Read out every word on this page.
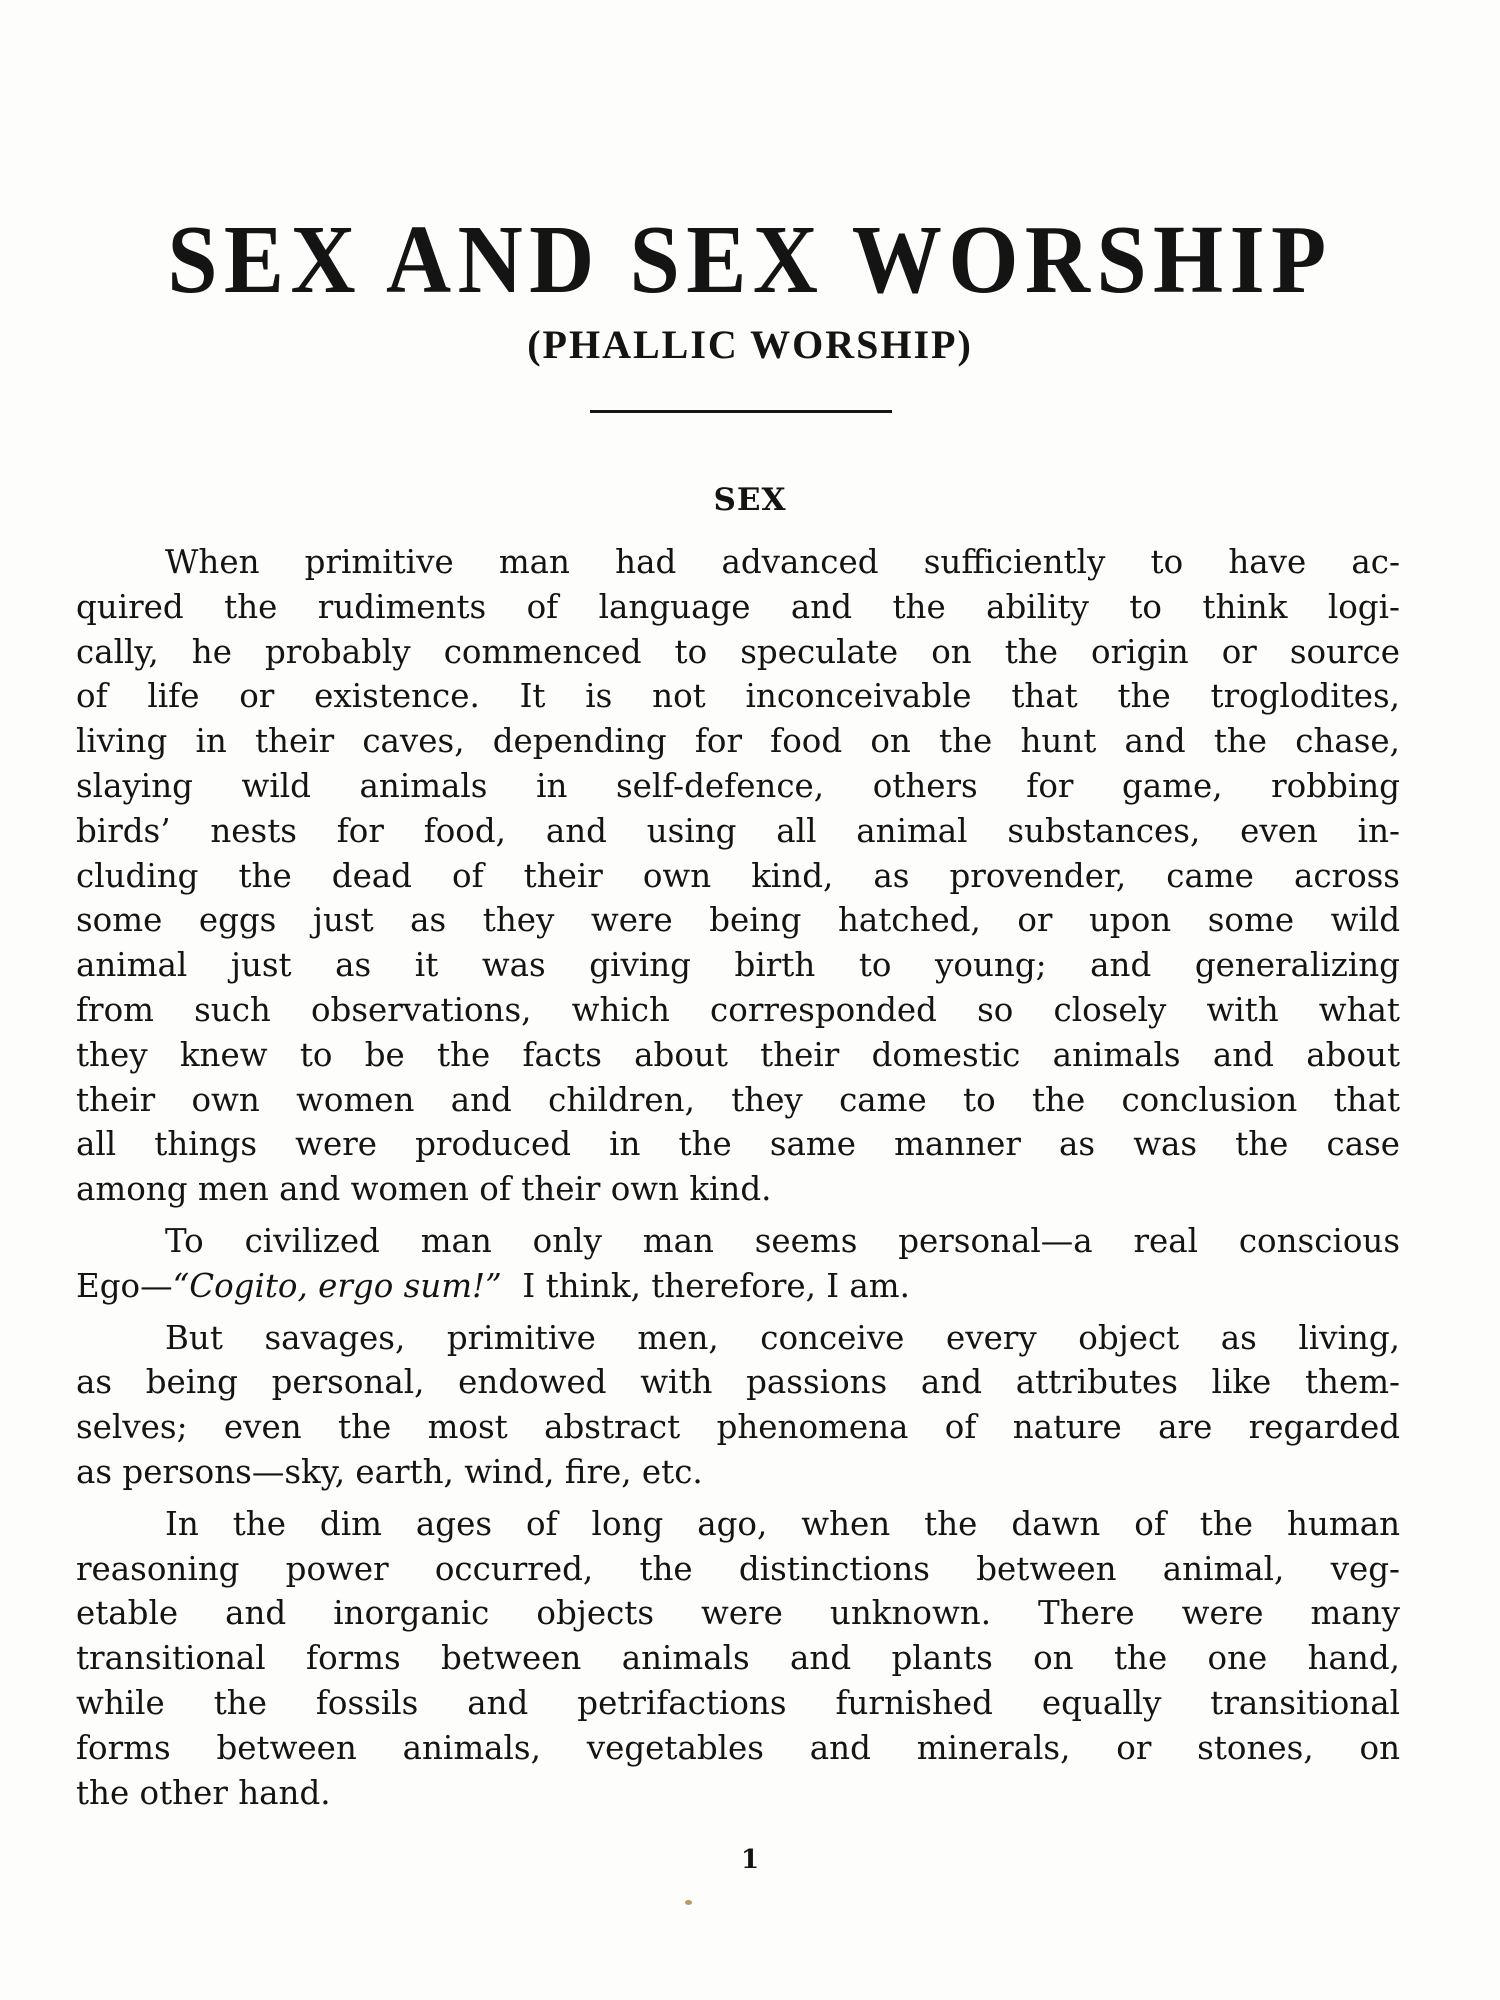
SEX AND SEX WORSHIP
(PHALLIC WORSHIP)
SEX
When primitive man had advanced sufficiently to have ac-
quired the rudiments of language and the ability to think logi-
cally, he probably commenced to speculate on the origin or source
of life or existence. It is not inconceivable that the troglodites,
living in their caves, depending for food on the hunt and the chase,
slaying wild animals in self-defence, others for game, robbing
birds’ nests for food, and using all animal substances, even in-
cluding the dead of their own kind, as provender, came across
some eggs just as they were being hatched, or upon some wild
animal just as it was giving birth to young; and generalizing
from such observations, which corresponded so closely with what
they knew to be the facts about their domestic animals and about
their own women and children, they came to the conclusion that
all things were produced in the same manner as was the case
among men and women of their own kind.
To civilized man only man seems personal—a real conscious
Ego—“Cogito, ergo sum!”  I think, therefore, I am.
But savages, primitive men, conceive every object as living,
as being personal, endowed with passions and attributes like them-
selves; even the most abstract phenomena of nature are regarded
as persons—sky, earth, wind, fire, etc.
In the dim ages of long ago, when the dawn of the human
reasoning power occurred, the distinctions between animal, veg-
etable and inorganic objects were unknown. There were many
transitional forms between animals and plants on the one hand,
while the fossils and petrifactions furnished equally transitional
forms between animals, vegetables and minerals, or stones, on
the other hand.
1
